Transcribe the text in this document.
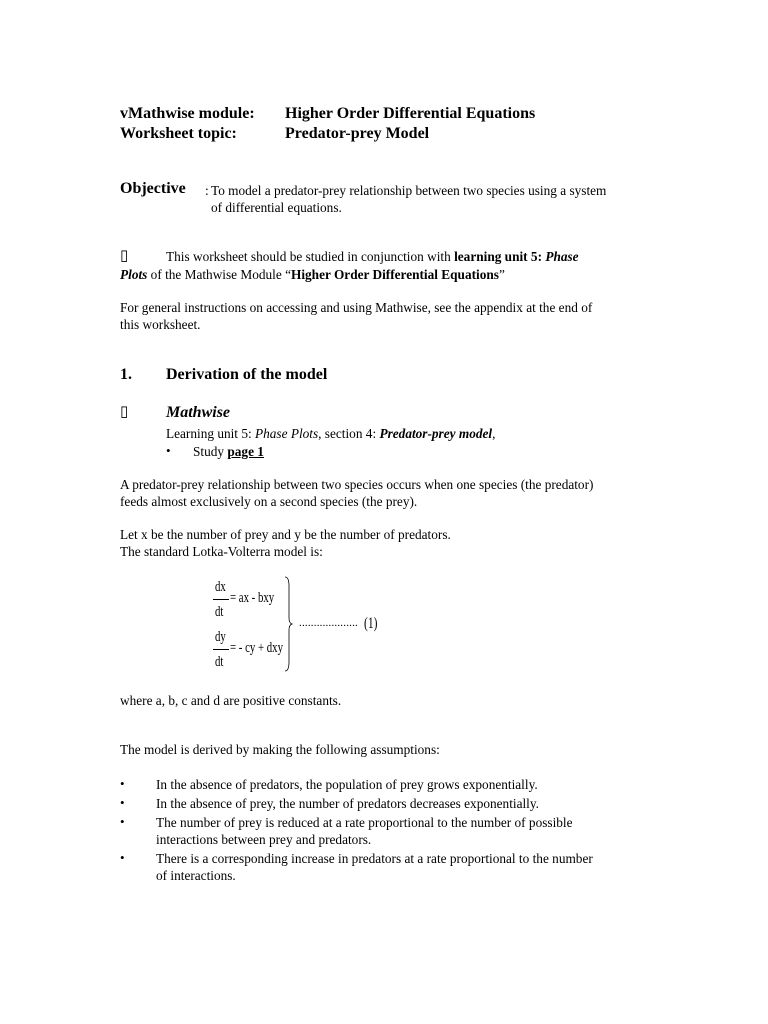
vMathwise module: Higher Order Differential Equations
Worksheet topic:	Predator-prey Model
Objective : To model a predator-prey relationship between two species using a system
of differential equations.
▯	This worksheet should be studied in conjunction with learning unit 5: Phase
Plots of the Mathwise Module “Higher Order Differential Equations”
For general instructions on accessing and using Mathwise, see the appendix at the end of
this worksheet.
1. Derivation of the model
▯ Mathwise
Learning unit 5: Phase Plots, section 4: Predator-prey model,
• Study page 1
A predator-prey relationship between two species occurs when one species (the predator)
feeds almost exclusively on a second species (the prey).
Let x be the number of prey and y be the number of predators.
The standard Lotka-Volterra model is:
dx
dt
= ax - bxy
dy
dt
= - cy + dxy
.................... (1)
where a, b, c and d are positive constants.
The model is derived by making the following assumptions:
• In the absence of predators, the population of prey grows exponentially.
• In the absence of prey, the number of predators decreases exponentially.
• The number of prey is reduced at a rate proportional to the number of possible
interactions between prey and predators.
• There is a corresponding increase in predators at a rate proportional to the number
of interactions.
